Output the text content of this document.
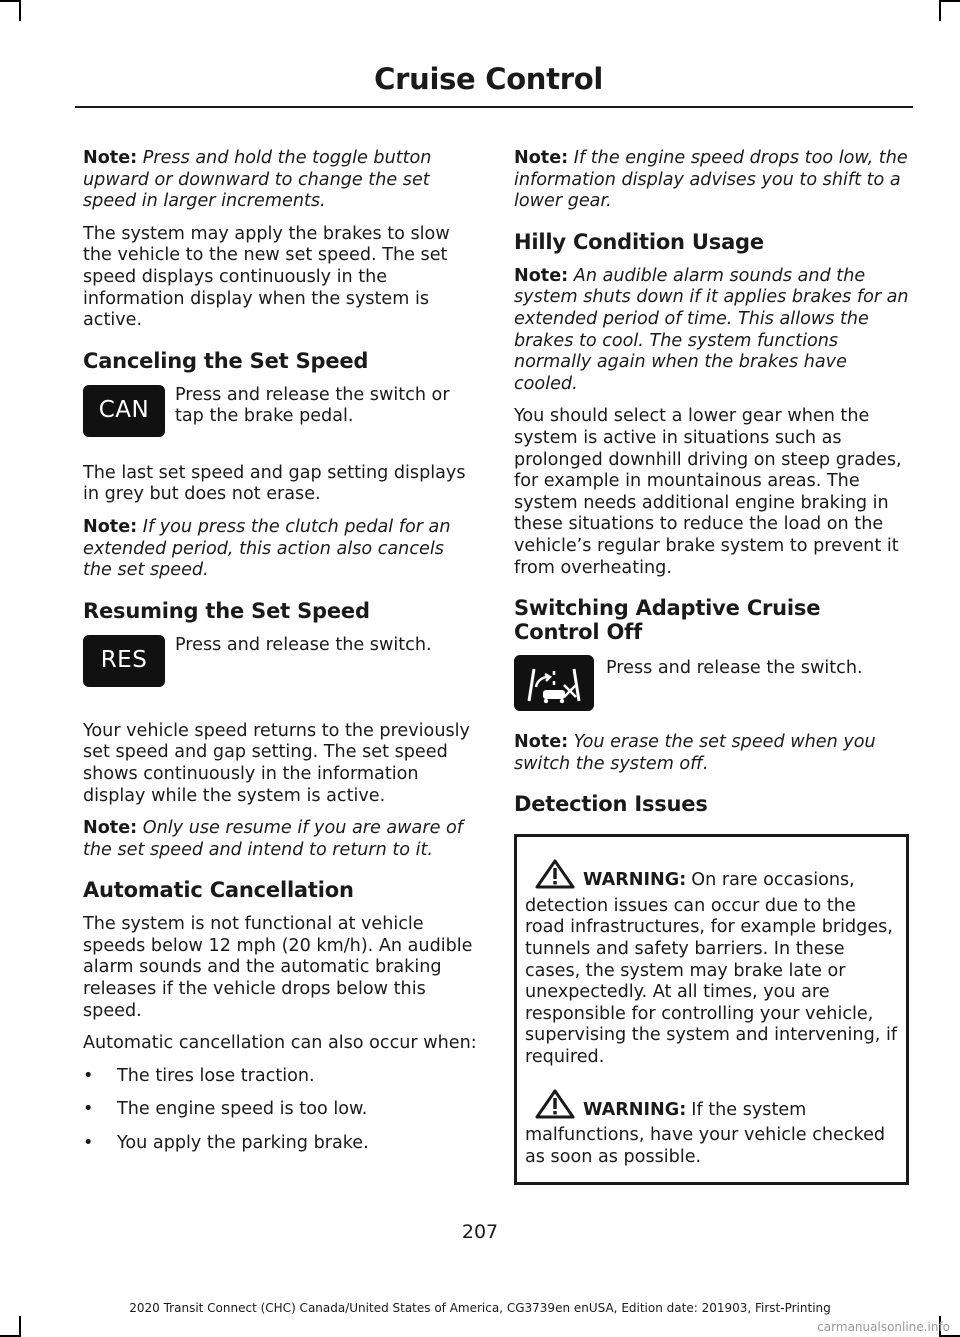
Cruise Control

Note: Press and hold the toggle button upward or downward to change the set speed in larger increments.

The system may apply the brakes to slow the vehicle to the new set speed. The set speed displays continuously in the information display when the system is active.

Canceling the Set Speed
CAN
Press and release the switch or tap the brake pedal.

The last set speed and gap setting displays in grey but does not erase.

Note: If you press the clutch pedal for an extended period, this action also cancels the set speed.

Resuming the Set Speed
RES
Press and release the switch.

Your vehicle speed returns to the previously set speed and gap setting. The set speed shows continuously in the information display while the system is active.

Note: Only use resume if you are aware of the set speed and intend to return to it.

Automatic Cancellation

The system is not functional at vehicle speeds below 12 mph (20 km/h). An audible alarm sounds and the automatic braking releases if the vehicle drops below this speed.

Automatic cancellation can also occur when:

• The tires lose traction.
• The engine speed is too low.
• You apply the parking brake.

Note: If the engine speed drops too low, the information display advises you to shift to a lower gear.

Hilly Condition Usage

Note: An audible alarm sounds and the system shuts down if it applies brakes for an extended period of time. This allows the brakes to cool. The system functions normally again when the brakes have cooled.

You should select a lower gear when the system is active in situations such as prolonged downhill driving on steep grades, for example in mountainous areas. The system needs additional engine braking in these situations to reduce the load on the vehicle’s regular brake system to prevent it from overheating.

Switching Adaptive Cruise Control Off
Press and release the switch.

Note: You erase the set speed when you switch the system off.

Detection Issues
WARNING: On rare occasions, detection issues can occur due to the road infrastructures, for example bridges, tunnels and safety barriers. In these cases, the system may brake late or unexpectedly. At all times, you are responsible for controlling your vehicle, supervising the system and intervening, if required.
WARNING: If the system malfunctions, have your vehicle checked as soon as possible.
207
2020 Transit Connect (CHC) Canada/United States of America, CG3739en enUSA, Edition date: 201903, First-Printing
carmanualsonline.info
